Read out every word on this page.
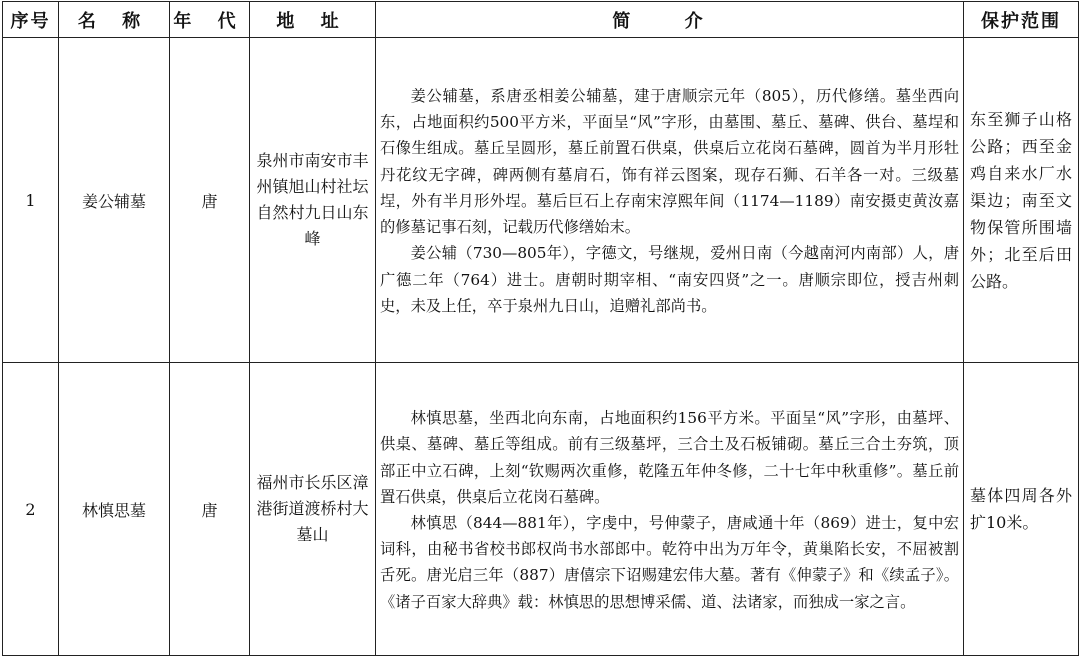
序号	名 称	年 代	地 址	简 介	保护范围
1	姜公辅墓	唐	泉州市南安市丰州镇旭山村社坛自然村九日山东峰	姜公辅墓，系唐丞相姜公辅墓，建于唐顺宗元年（805），历代修缮。墓坐西向东，占地面积约500平方米，平面呈“风”字形，由墓围、墓丘、墓碑、供台、墓埕和石像生组成。墓丘呈圆形，墓丘前置石供桌，供桌后立花岗石墓碑，圆首为半月形牡丹花纹无字碑，碑两侧有墓肩石，饰有祥云图案，现存石狮、石羊各一对。三级墓埕，外有半月形外埕。墓后巨石上存南宋淳熙年间（1174—1189）南安摄吏黄汝嘉的修墓记事石刻，记载历代修缮始末。

姜公辅（730—805年），字德文，号继规，爱州日南（今越南河内南部）人，唐广德二年（764）进士。唐朝时期宰相、“南安四贤”之一。唐顺宗即位，授吉州刺史，未及上任，卒于泉州九日山，追赠礼部尚书。	东至狮子山格公路；西至金鸡自来水厂水渠边；南至文物保管所围墙外；北至后田公路。
2	林慎思墓	唐	福州市长乐区漳港街道渡桥村大墓山	林慎思墓，坐西北向东南，占地面积约156平方米。平面呈“风”字形，由墓坪、供桌、墓碑、墓丘等组成。前有三级墓坪，三合土及石板铺砌。墓丘三合土夯筑，顶部正中立石碑，上刻“钦赐两次重修，乾隆五年仲冬修，二十七年中秋重修”。墓丘前置石供桌，供桌后立花岗石墓碑。

林慎思（844—881年），字虔中，号伸蒙子，唐咸通十年（869）进士，复中宏词科，由秘书省校书郎权尚书水部郎中。乾符中出为万年令，黄巢陷长安，不屈被割舌死。唐光启三年（887）唐僖宗下诏赐建宏伟大墓。著有《伸蒙子》和《续孟子》。《诸子百家大辞典》载：林慎思的思想博采儒、道、法诸家，而独成一家之言。	墓体四周各外扩10米。
